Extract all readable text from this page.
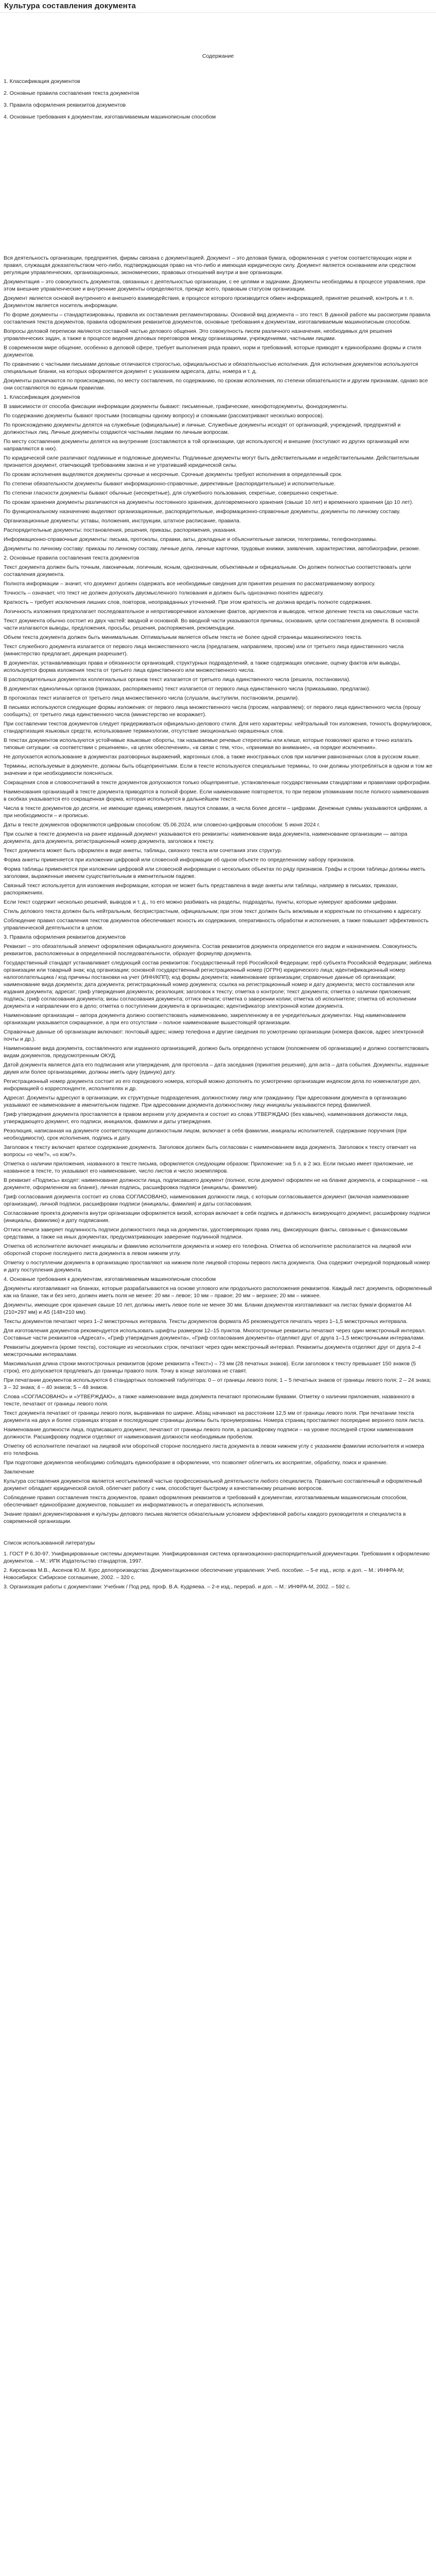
Культура составления документа
Содержание
1. Классификация документов
2. Основные правила составления текста документов
3. Правила оформления реквизитов документов
4. Основные требования к документам, изготавливаемым машинописным способом

Вся деятельность организации, предприятия, фирмы связана с документацией. Документ – это деловая бумага, оформленная с учетом соответствующих норм и правил, служащая доказательством чего-либо, подтверждающая право на что-либо и имеющая юридическую силу. Документ является основанием или средством регуляции управленческих, организационных, экономических, правовых отношений внутри и вне организации.

Документация – это совокупность документов, связанных с деятельностью организации, с ее целями и задачами. Документы необходимы в процессе управления, при этом внешние управленческие и внутренние документы определяются, прежде всего, правовым статусом организации.

Документ является основой внутреннего и внешнего взаимодействия, в процессе которого производится обмен информацией, принятие решений, контроль и т. п. Документом является носитель информации.

По форме документы – стандартизированы, правила их составления регламентированы. Основной вид документа – это текст. В данной работе мы рассмотрим правила составления текста документов, правила оформления реквизитов документов, основные требования к документам, изготавливаемым машинописным способом.

Вопросы деловой переписки являются составной частью делового общения. Это совокупность писем различного назначения, необходимых для решения управленческих задач, а также в процессе ведения деловых переговоров между организациями, учреждениями, частными лицами.

В современном мире общение, особенно в деловой сфере, требует выполнения ряда правил, норм и требований, которые приводят к единообразию формы и стиля документов.

По сравнению с частными письмами деловые отличаются строгостью, официальностью и обязательностью исполнения. Для исполнения документов используются специальные бланки, на которых оформляется документ с указанием адресата, даты, номера и т. д.

Документы различаются по происхождению, по месту составления, по содержанию, по срокам исполнения, по степени обязательности и другим признакам, однако все они составляются по единым правилам.

1. Классификация документов

В зависимости от способа фиксации информации документы бывают: письменные, графические, кинофотодокументы, фонодокументы.

По содержанию документы бывают простыми (посвящены одному вопросу) и сложными (рассматривают несколько вопросов).

По происхождению документы делятся на служебные (официальные) и личные. Служебные документы исходят от организаций, учреждений, предприятий и должностных лиц. Личные документы создаются частными лицами по личным вопросам.

По месту составления документы делятся на внутренние (составляются в той организации, где используются) и внешние (поступают из других организаций или направляются в них).

По юридической силе различают подлинные и подложные документы. Подлинные документы могут быть действительными и недействительными. Действительным признается документ, отвечающий требованиям закона и не утративший юридической силы.

По срокам исполнения выделяются документы срочные и несрочные. Срочные документы требуют исполнения в определенный срок.

По степени обязательности документы бывают информационно-справочные, директивные (распорядительные) и исполнительные.

По степени гласности документы бывают обычные (несекретные), для служебного пользования, секретные, совершенно секретные.

По срокам хранения документы различаются на документы постоянного хранения, долговременного хранения (свыше 10 лет) и временного хранения (до 10 лет).

По функциональному назначению выделяют организационные, распорядительные, информационно-справочные документы, документы по личному составу.

Организационные документы: уставы, положения, инструкции, штатное расписание, правила.

Распорядительные документы: постановления, решения, приказы, распоряжения, указания.

Информационно-справочные документы: письма, протоколы, справки, акты, докладные и объяснительные записки, телеграммы, телефонограммы.

Документы по личному составу: приказы по личному составу, личные дела, личные карточки, трудовые книжки, заявления, характеристики, автобиографии, резюме.

2. Основные правила составления текста документов

Текст документа должен быть точным, лаконичным, логичным, ясным, однозначным, объективным и официальным. Он должен полностью соответствовать цели составления документа.

Полнота информации – значит, что документ должен содержать все необходимые сведения для принятия решения по рассматриваемому вопросу.

Точность – означает, что текст не должен допускать двусмысленного толкования и должен быть однозначно понятен адресату.

Краткость – требует исключения лишних слов, повторов, неоправданных уточнений. При этом краткость не должна вредить полноте содержания.

Логичность изложения предполагает последовательное и непротиворечивое изложение фактов, аргументов и выводов, четкое деление текста на смысловые части.

Текст документа обычно состоит из двух частей: вводной и основной. Во вводной части указываются причины, основания, цели составления документа. В основной части излагаются выводы, предложения, просьбы, решения, распоряжения, рекомендации.

Объем текста документа должен быть минимальным. Оптимальным является объем текста не более одной страницы машинописного текста.

Текст служебного документа излагается от первого лица множественного числа (предлагаем, направляем, просим) или от третьего лица единственного числа (министерство предлагает, дирекция разрешает).

В документах, устанавливающих права и обязанности организаций, структурных подразделений, а также содержащих описание, оценку фактов или выводы, используется форма изложения текста от третьего лица единственного или множественного числа.

В распорядительных документах коллегиальных органов текст излагается от третьего лица единственного числа (решила, постановила).

В документах единоличных органов (приказах, распоряжениях) текст излагается от первого лица единственного числа (приказываю, предлагаю).

В протоколах текст излагается от третьего лица множественного числа (слушали, выступили, постановили, решили).

В письмах используются следующие формы изложения: от первого лица множественного числа (просим, направляем); от первого лица единственного числа (прошу сообщить); от третьего лица единственного числа (министерство не возражает).

При составлении текстов документов следует придерживаться официально-делового стиля. Для него характерны: нейтральный тон изложения, точность формулировок, стандартизация языковых средств, использование терминологии, отсутствие эмоционально окрашенных слов.

В текстах документов используются устойчивые языковые обороты, так называемые речевые стереотипы или клише, которые позволяют кратко и точно излагать типовые ситуации: «в соответствии с решением», «в целях обеспечения», «в связи с тем, что», «принимая во внимание», «в порядке исключения».

Не допускается использование в документах разговорных выражений, жаргонных слов, а также иностранных слов при наличии равнозначных слов в русском языке.

Термины, используемые в документе, должны быть общепринятыми. Если в тексте используются специальные термины, то они должны употребляться в одном и том же значении и при необходимости поясняться.

Сокращения слов и словосочетаний в тексте документов допускаются только общепринятые, установленные государственными стандартами и правилами орфографии.

Наименования организаций в тексте документа приводятся в полной форме. Если наименование повторяется, то при первом упоминании после полного наименования в скобках указывается его сокращенная форма, которая используется в дальнейшем тексте.

Числа в тексте документов до десяти, не имеющие единиц измерения, пишутся словами, а числа более десяти – цифрами. Денежные суммы указываются цифрами, а при необходимости – и прописью.

Даты в тексте документов оформляются цифровым способом: 05.06.2024, или словесно-цифровым способом: 5 июня 2024 г.

При ссылке в тексте документа на ранее изданный документ указываются его реквизиты: наименование вида документа, наименование организации — автора документа, дата документа, регистрационный номер документа, заголовок к тексту.

Текст документа может быть оформлен в виде анкеты, таблицы, связного текста или сочетания этих структур.

Форма анкеты применяется при изложении цифровой или словесной информации об одном объекте по определенному набору признаков.

Форма таблицы применяется при изложении цифровой или словесной информации о нескольких объектах по ряду признаков. Графы и строки таблицы должны иметь заголовки, выраженные именем существительным в именительном падеже.

Связный текст используется для изложения информации, которая не может быть представлена в виде анкеты или таблицы, например в письмах, приказах, распоряжениях.

Если текст содержит несколько решений, выводов и т. д., то его можно разбивать на разделы, подразделы, пункты, которые нумеруют арабскими цифрами.

Стиль делового текста должен быть нейтральным, беспристрастным, официальным; при этом текст должен быть вежливым и корректным по отношению к адресату.

Соблюдение правил составления текстов документов обеспечивает ясность их содержания, оперативность обработки и исполнения, а также повышает эффективность управленческой деятельности в целом.

3. Правила оформления реквизитов документов

Реквизит – это обязательный элемент оформления официального документа. Состав реквизитов документа определяется его видом и назначением. Совокупность реквизитов, расположенных в определенной последовательности, образует формуляр документа.

Государственный стандарт устанавливает следующий состав реквизитов: Государственный герб Российской Федерации; герб субъекта Российской Федерации; эмблема организации или товарный знак; код организации; основной государственный регистрационный номер (ОГРН) юридического лица; идентификационный номер налогоплательщика / код причины постановки на учет (ИНН/КПП); код формы документа; наименование организации; справочные данные об организации; наименование вида документа; дата документа; регистрационный номер документа; ссылка на регистрационный номер и дату документа; место составления или издания документа; адресат; гриф утверждения документа; резолюция; заголовок к тексту; отметка о контроле; текст документа; отметка о наличии приложения; подпись; гриф согласования документа; визы согласования документа; оттиск печати; отметка о заверении копии; отметка об исполнителе; отметка об исполнении документа и направлении его в дело; отметка о поступлении документа в организацию; идентификатор электронной копии документа.

Наименование организации – автора документа должно соответствовать наименованию, закрепленному в ее учредительных документах. Над наименованием организации указывается сокращенное, а при его отсутствии – полное наименование вышестоящей организации.

Справочные данные об организации включают: почтовый адрес; номер телефона и другие сведения по усмотрению организации (номера факсов, адрес электронной почты и др.).

Наименование вида документа, составленного или изданного организацией, должно быть определено уставом (положением об организации) и должно соответствовать видам документов, предусмотренным ОКУД.

Датой документа является дата его подписания или утверждения, для протокола – дата заседания (принятия решения), для акта – дата события. Документы, изданные двумя или более организациями, должны иметь одну (единую) дату.

Регистрационный номер документа состоит из его порядкового номера, который можно дополнять по усмотрению организации индексом дела по номенклатуре дел, информацией о корреспонденте, исполнителях и др.

Адресат. Документы адресуют в организации, их структурные подразделения, должностному лицу или гражданину. При адресовании документа в организацию указывают ее наименование в именительном падеже. При адресовании документа должностному лицу инициалы указываются перед фамилией.

Гриф утверждения документа проставляется в правом верхнем углу документа и состоит из слова УТВЕРЖДАЮ (без кавычек), наименования должности лица, утверждающего документ, его подписи, инициалов, фамилии и даты утверждения.

Резолюция, написанная на документе соответствующим должностным лицом, включает в себя фамилии, инициалы исполнителей, содержание поручения (при необходимости), срок исполнения, подпись и дату.

Заголовок к тексту включает краткое содержание документа. Заголовок должен быть согласован с наименованием вида документа. Заголовок к тексту отвечает на вопросы «о чем?», «о ком?».

Отметка о наличии приложения, названного в тексте письма, оформляется следующим образом: Приложение: на 5 л. в 2 экз. Если письмо имеет приложение, не названное в тексте, то указывают его наименование, число листов и число экземпляров.

В реквизит «Подпись» входят: наименование должности лица, подписавшего документ (полное, если документ оформлен не на бланке документа, и сокращенное – на документе, оформленном на бланке), личная подпись, расшифровка подписи (инициалы, фамилия).

Гриф согласования документа состоит из слова СОГЛАСОВАНО, наименования должности лица, с которым согласовывается документ (включая наименование организации), личной подписи, расшифровки подписи (инициалы, фамилия) и даты согласования.

Согласование проекта документа внутри организации оформляется визой, которая включает в себя подпись и должность визирующего документ, расшифровку подписи (инициалы, фамилию) и дату подписания.

Оттиск печати заверяет подлинность подписи должностного лица на документах, удостоверяющих права лиц, фиксирующих факты, связанные с финансовыми средствами, а также на иных документах, предусматривающих заверение подлинной подписи.

Отметка об исполнителе включает инициалы и фамилию исполнителя документа и номер его телефона. Отметка об исполнителе располагается на лицевой или оборотной стороне последнего листа документа в левом нижнем углу.

Отметку о поступлении документа в организацию проставляют на нижнем поле лицевой стороны первого листа документа. Она содержит очередной порядковый номер и дату поступления документа.

4. Основные требования к документам, изготавливаемым машинописным способом

Документы изготавливают на бланках, которые разрабатываются на основе углового или продольного расположения реквизитов. Каждый лист документа, оформленный как на бланке, так и без него, должен иметь поля не менее: 20 мм – левое; 10 мм – правое; 20 мм – верхнее; 20 мм – нижнее.

Документы, имеющие срок хранения свыше 10 лет, должны иметь левое поле не менее 30 мм. Бланки документов изготавливают на листах бумаги форматов А4 (210×297 мм) и А5 (148×210 мм).

Тексты документов печатают через 1–2 межстрочных интервала. Тексты документов формата А5 рекомендуется печатать через 1–1,5 межстрочных интервала.

Для изготовления документов рекомендуется использовать шрифты размером 12–15 пунктов. Многострочные реквизиты печатают через один межстрочный интервал. Составные части реквизитов «Адресат», «Гриф утверждения документа», «Гриф согласования документа» отделяют друг от друга 1–1,5 межстрочными интервалами.

Реквизиты документа (кроме текста), состоящие из нескольких строк, печатают через один межстрочный интервал. Реквизиты документа отделяют друг от друга 2–4 межстрочными интервалами.

Максимальная длина строки многострочных реквизитов (кроме реквизита «Текст») – 73 мм (28 печатных знаков). Если заголовок к тексту превышает 150 знаков (5 строк), его допускается продлевать до границы правого поля. Точку в конце заголовка не ставят.

При печатании документов используются 6 стандартных положений табулятора: 0 – от границы левого поля; 1 – 5 печатных знаков от границы левого поля; 2 – 24 знака; 3 – 32 знака; 4 – 40 знаков; 5 – 48 знаков.

Слова «СОГЛАСОВАНО» и «УТВЕРЖДАЮ», а также наименование вида документа печатают прописными буквами. Отметку о наличии приложения, названного в тексте, печатают от границы левого поля.

Текст документа печатают от границы левого поля, выравнивая по ширине. Абзац начинают на расстоянии 12,5 мм от границы левого поля. При печатании текста документа на двух и более страницах вторая и последующие страницы должны быть пронумерованы. Номера страниц проставляют посередине верхнего поля листа.

Наименование должности лица, подписавшего документ, печатают от границы левого поля, а расшифровку подписи – на уровне последней строки наименования должности. Расшифровку подписи отделяют от наименования должности необходимым пробелом.

Отметку об исполнителе печатают на лицевой или оборотной стороне последнего листа документа в левом нижнем углу с указанием фамилии исполнителя и номера его телефона.

При подготовке документов необходимо соблюдать единообразие в оформлении, что позволяет облегчить их восприятие, обработку, поиск и хранение.

Заключение

Культура составления документов является неотъемлемой частью профессиональной деятельности любого специалиста. Правильно составленный и оформленный документ обладает юридической силой, облегчает работу с ним, способствует быстрому и качественному решению вопросов.

Соблюдение правил составления текста документов, правил оформления реквизитов и требований к документам, изготавливаемым машинописным способом, обеспечивает единообразие документов, повышает их информативность и оперативность исполнения.

Знание правил документирования и культуры делового письма является обязательным условием эффективной работы каждого руководителя и специалиста в современной организации.

Список использованной литературы
1. ГОСТ Р 6.30-97. Унифицированные системы документации. Унифицированная система организационно-распорядительной документации. Требования к оформлению документов. – М.: ИПК Издательство стандартов, 1997.
2. Кирсанова М.В., Аксенов Ю.М. Курс делопроизводства: Документационное обеспечение управления: Учеб. пособие. – 5-е изд., испр. и доп. – М.: ИНФРА-М; Новосибирск: Сибирское соглашение, 2002. – 320 с.
3. Организация работы с документами: Учебник / Под ред. проф. В.А. Кудряева. – 2-е изд., перераб. и доп. – М.: ИНФРА-М, 2002. – 592 с.
